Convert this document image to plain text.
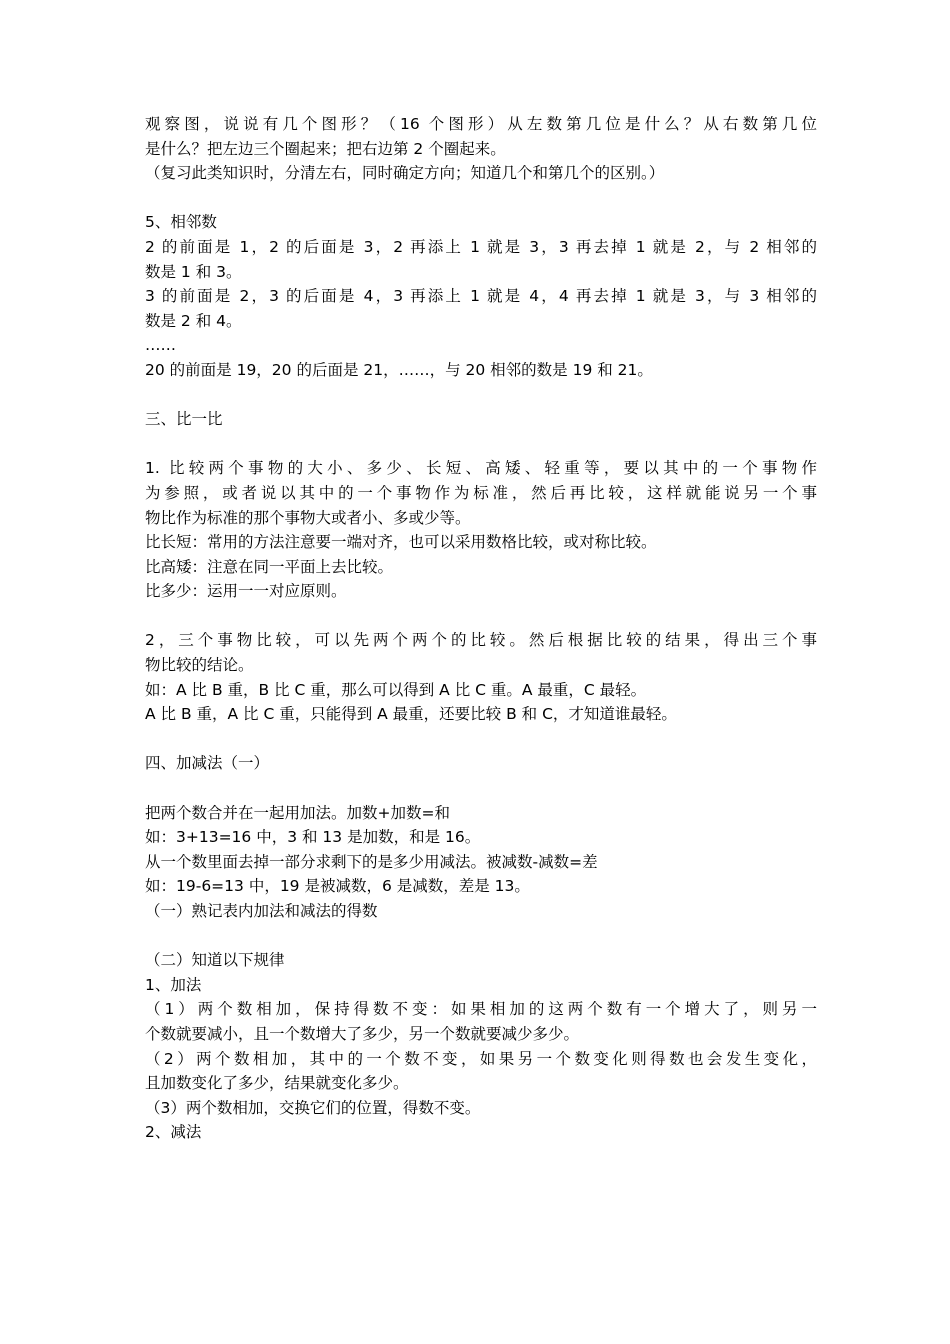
观察图，说说有几个图形？（16 个图形）从左数第几位是什么？从右数第几位
是什么？把左边三个圈起来；把右边第 2 个圈起来。
（复习此类知识时，分清左右，同时确定方向；知道几个和第几个的区别。）
5、相邻数
2 的前面是 1，2 的后面是 3，2 再添上 1 就是 3，3 再去掉 1 就是 2，与 2 相邻的
数是 1 和 3。
3 的前面是 2，3 的后面是 4，3 再添上 1 就是 4，4 再去掉 1 就是 3，与 3 相邻的
数是 2 和 4。
……
20 的前面是 19，20 的后面是 21，……，与 20 相邻的数是 19 和 21。
三、比一比
1. 比较两个事物的大小、多少、长短、高矮、轻重等，要以其中的一个事物作
为参照，或者说以其中的一个事物作为标准，然后再比较，这样就能说另一个事
物比作为标准的那个事物大或者小、多或少等。
比长短：常用的方法注意要一端对齐，也可以采用数格比较，或对称比较。
比高矮：注意在同一平面上去比较。
比多少：运用一一对应原则。
2，三个事物比较，可以先两个两个的比较。然后根据比较的结果，得出三个事
物比较的结论。
如：A 比 B 重，B 比 C 重，那么可以得到 A 比 C 重。A 最重，C 最轻。
A 比 B 重，A 比 C 重，只能得到 A 最重，还要比较 B 和 C，才知道谁最轻。
四、加减法（一）
把两个数合并在一起用加法。加数+加数=和
如：3+13=16 中，3 和 13 是加数，和是 16。
从一个数里面去掉一部分求剩下的是多少用减法。被减数-减数=差
如：19-6=13 中，19 是被减数，6 是减数，差是 13。
（一）熟记表内加法和减法的得数
（二）知道以下规律
1、加法
（1）两个数相加，保持得数不变：如果相加的这两个数有一个增大了，则另一
个数就要减小，且一个数增大了多少，另一个数就要减少多少。
（2）两个数相加，其中的一个数不变，如果另一个数变化则得数也会发生变化，
且加数变化了多少，结果就变化多少。
（3）两个数相加，交换它们的位置，得数不变。
2、减法
